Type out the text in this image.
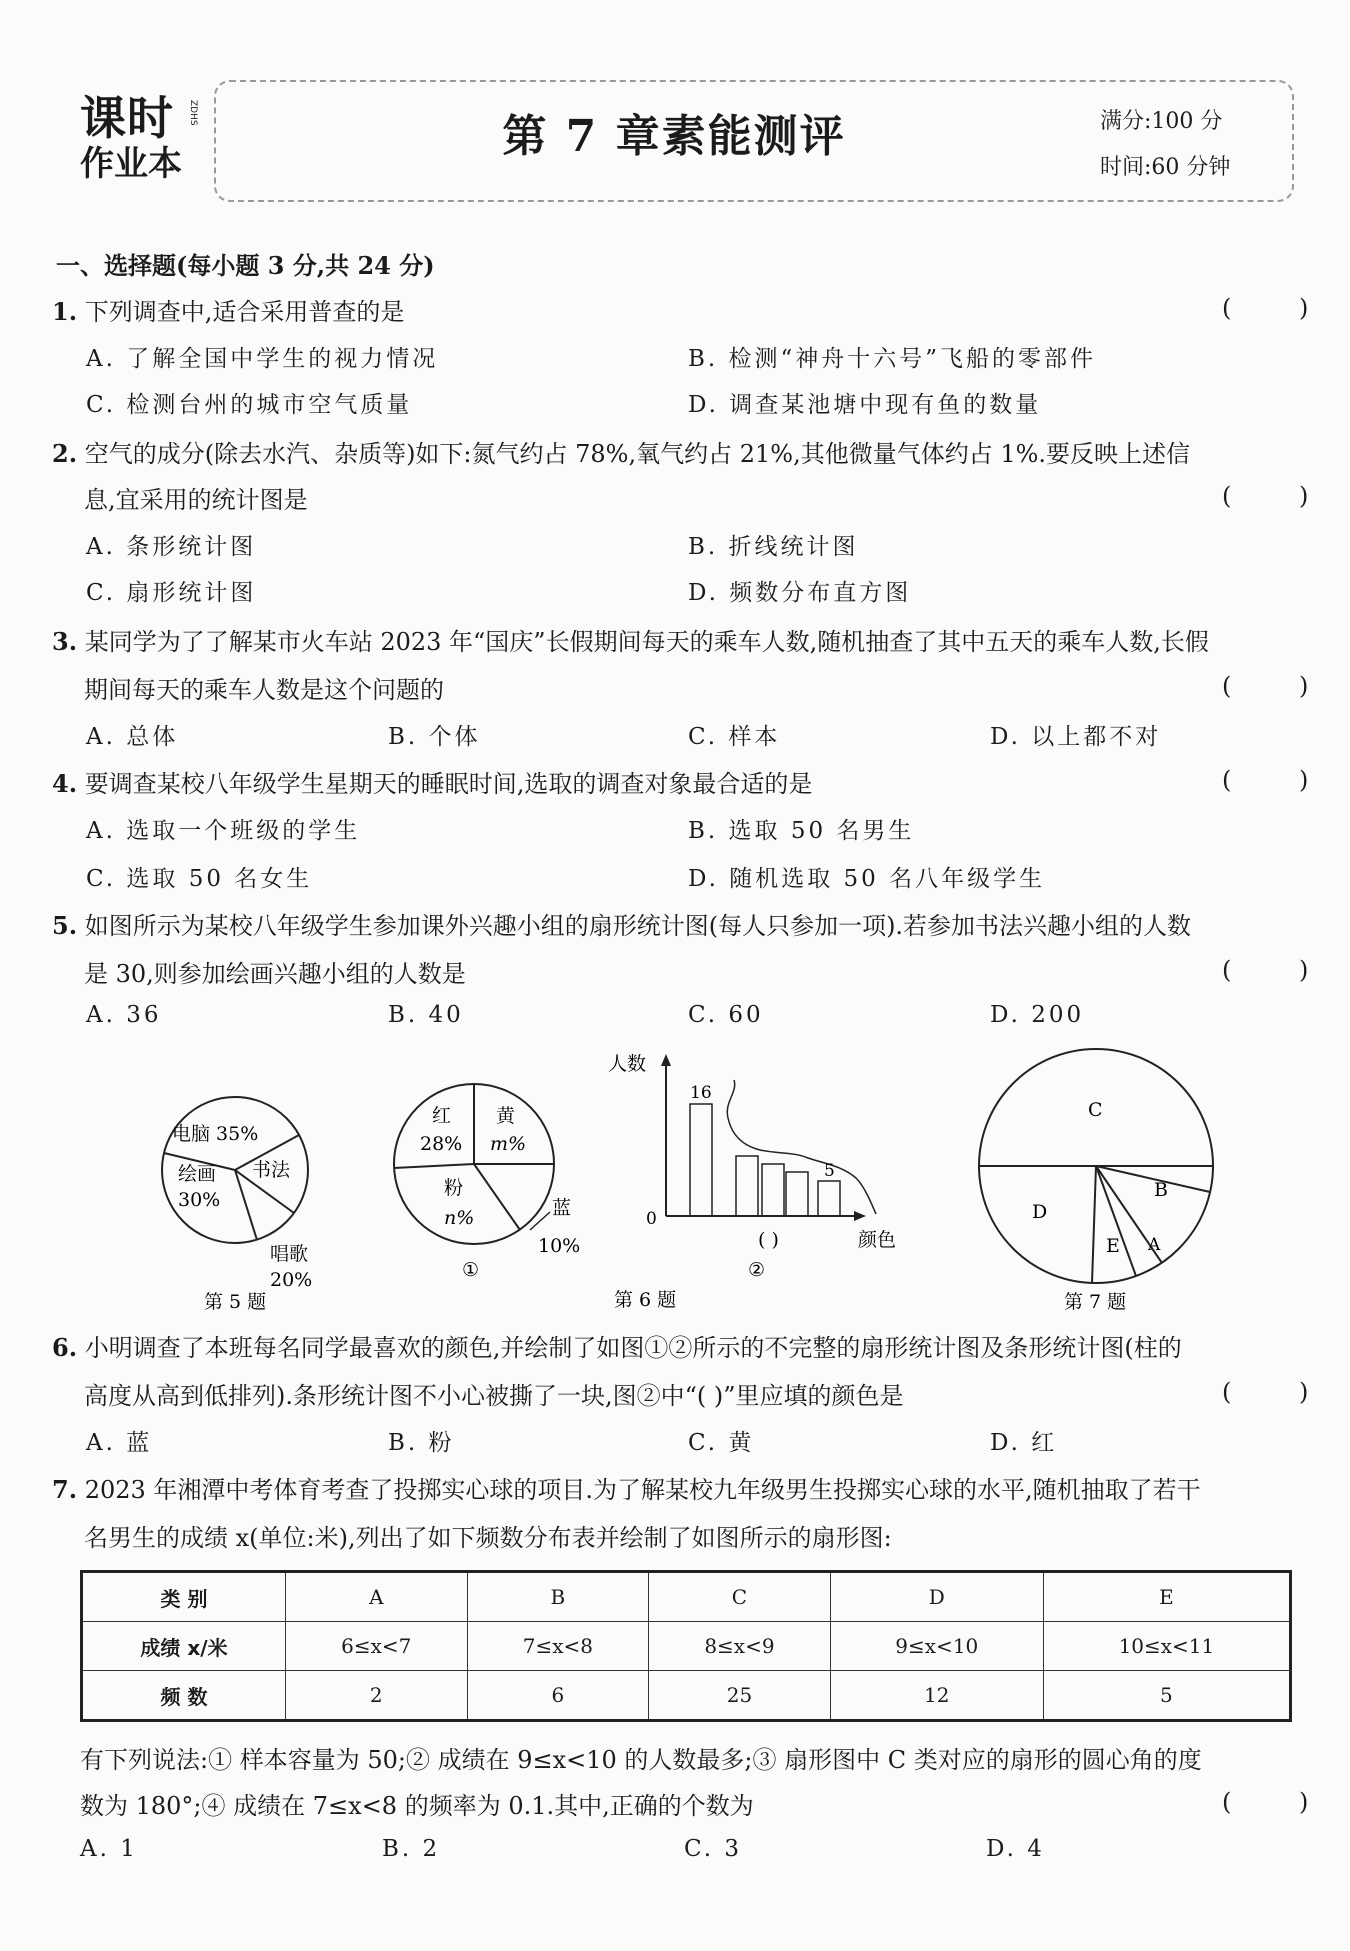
课时
作业本
ZDHS	第 7 章素能测评	满分:100 分
时间:60 分钟
一、选择题(每小题 3 分,共 24 分)
1. 下列调查中,适合采用普查的是	( )
A. 了解全国中学生的视力情况	B. 检测“神舟十六号”飞船的零部件
C. 检测台州的城市空气质量	D. 调查某池塘中现有鱼的数量
2. 空气的成分(除去水汽、杂质等)如下:氮气约占 78%,氧气约占 21%,其他微量气体约占 1%.要反映上述信
息,宜采用的统计图是	( )
A. 条形统计图	B. 折线统计图
C. 扇形统计图	D. 频数分布直方图
3. 某同学为了了解某市火车站 2023 年“国庆”长假期间每天的乘车人数,随机抽查了其中五天的乘车人数,长假
期间每天的乘车人数是这个问题的	( )
A. 总体	B. 个体	C. 样本	D. 以上都不对
4. 要调查某校八年级学生星期天的睡眠时间,选取的调查对象最合适的是	( )
A. 选取一个班级的学生	B. 选取 50 名男生
C. 选取 50 名女生	D. 随机选取 50 名八年级学生
5. 如图所示为某校八年级学生参加课外兴趣小组的扇形统计图(每人只参加一项).若参加书法兴趣小组的人数
是 30,则参加绘画兴趣小组的人数是	( )
A. 36	B. 40	C. 60	D. 200
电脑 35%
书法
绘画
30%
唱歌
20%
第 5 题
红
28%
黄
m%
粉
n%	蓝
10%
①
人数
0
16
5
( )	颜色
②
第 6 题
C
D
B
E A
第 7 题
6. 小明调查了本班每名同学最喜欢的颜色,并绘制了如图①②所示的不完整的扇形统计图及条形统计图(柱的
高度从高到低排列).条形统计图不小心被撕了一块,图②中“( )”里应填的颜色是	( )
A. 蓝	B. 粉	C. 黄	D. 红
7. 2023 年湘潭中考体育考查了投掷实心球的项目.为了解某校九年级男生投掷实心球的水平,随机抽取了若干
名男生的成绩 x(单位:米),列出了如下频数分布表并绘制了如图所示的扇形图:
类 别	A	B	C	D	E
成绩 x/米	6≤x<7	7≤x<8	8≤x<9	9≤x<10	10≤x<11
频 数	2	6	25	12	5
有下列说法:① 样本容量为 50;② 成绩在 9≤x<10 的人数最多;③ 扇形图中 C 类对应的扇形的圆心角的度
数为 180°;④ 成绩在 7≤x<8 的频率为 0.1.其中,正确的个数为	( )
A. 1	B. 2	C. 3	D. 4
